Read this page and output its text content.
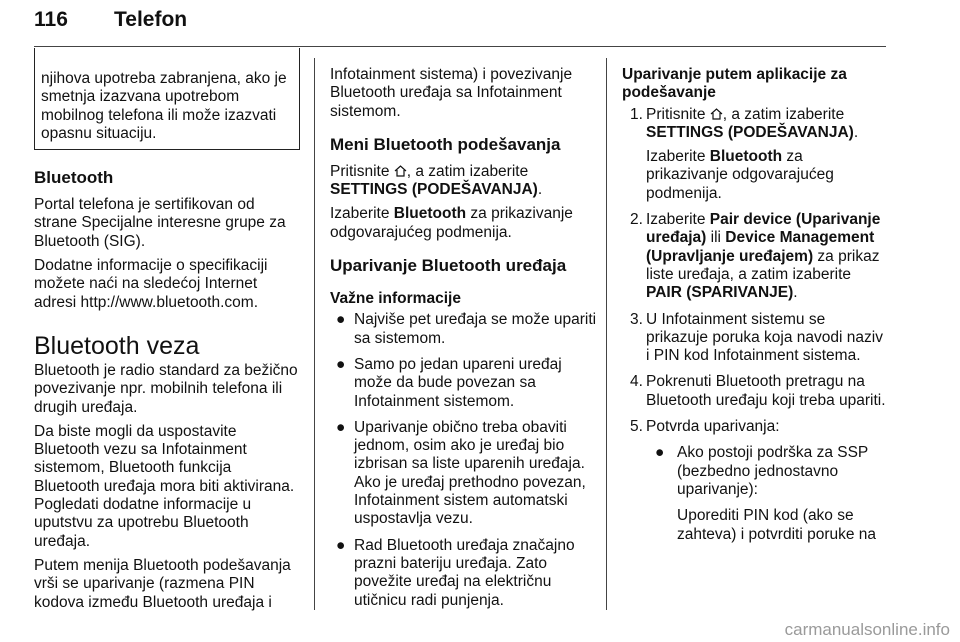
116 Telefon
njihova upotreba zabranjena, ako je smetnja izazvana upotrebom mobilnog telefona ili može izazvati opasnu situaciju.
Bluetooth

Portal telefona je sertifikovan od strane Specijalne interesne grupe za Bluetooth (SIG).

Dodatne informacije o specifikaciji možete naći na sledećoj Internet adresi http://www.bluetooth.com.

Bluetooth veza

Bluetooth je radio standard za bežično povezivanje npr. mobilnih telefona ili drugih uređaja.

Da biste mogli da uspostavite Bluetooth vezu sa Infotainment sistemom, Bluetooth funkcija Bluetooth uređaja mora biti aktivirana. Pogledati dodatne informacije u uputstvu za upotrebu Bluetooth uređaja.

Putem menija Bluetooth podešavanja vrši se uparivanje (razmena PIN kodova između Bluetooth uređaja i

Infotainment sistema) i povezivanje Bluetooth uređaja sa Infotainment sistemom.

Meni Bluetooth podešavanja

Pritisnite , a zatim izaberite
SETTINGS (PODEŠAVANJA).

Izaberite Bluetooth za prikazivanje odgovarajućeg podmenija.

Uparivanje Bluetooth uređaja
Važne informacije
● Najviše pet uređaja se može upariti sa sistemom.
● Samo po jedan upareni uređaj može da bude povezan sa Infotainment sistemom.
● Uparivanje obično treba obaviti jednom, osim ako je uređaj bio izbrisan sa liste uparenih uređaja. Ako je uređaj prethodno povezan, Infotainment sistem automatski uspostavlja vezu.
● Rad Bluetooth uređaja značajno prazni bateriju uređaja. Zato povežite uređaj na električnu utičnicu radi punjenja.
Uparivanje putem aplikacije za podešavanje
1. Pritisnite , a zatim izaberite SETTINGS (PODEŠAVANJA).

Izaberite Bluetooth za prikazivanje odgovarajućeg podmenija.

2. Izaberite Pair device (Uparivanje uređaja) ili Device Management (Upravljanje uređajem) za prikaz liste uređaja, a zatim izaberite PAIR (SPARIVANJE).
3. U Infotainment sistemu se prikazuje poruka koja navodi naziv i PIN kod Infotainment sistema.
4. Pokrenuti Bluetooth pretragu na Bluetooth uređaju koji treba upariti.
5. Potvrda uparivanja:
● Ako postoji podrška za SSP (bezbedno jednostavno uparivanje):

Uporediti PIN kod (ako se zahteva) i potvrditi poruke na

carmanualsonline.info
